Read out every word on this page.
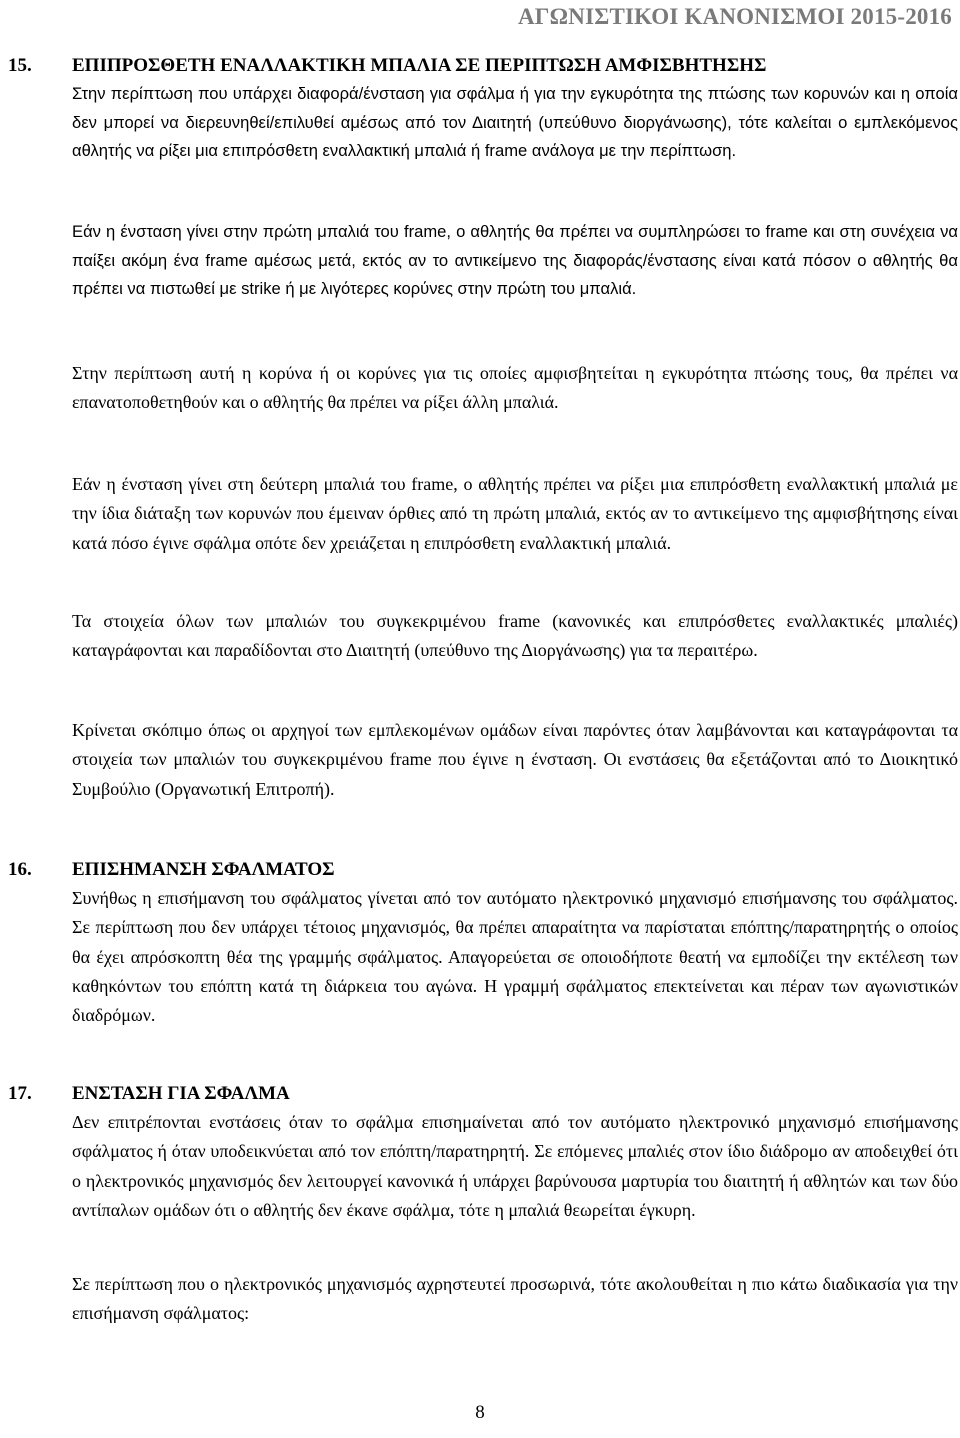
ΑΓΩΝΙΣΤΙΚΟΙ ΚΑΝΟΝΙΣΜΟΙ 2015-2016
15.	ΕΠΙΠΡΟΣΘΕΤΗ ΕΝΑΛΛΑΚΤΙΚΗ ΜΠΑΛΙΑ ΣΕ ΠΕΡΙΠΤΩΣΗ ΑΜΦΙΣΒΗΤΗΣΗΣ

Στην περίπτωση που υπάρχει διαφορά/ένσταση για σφάλμα ή για την εγκυρότητα της πτώσης των κορυνών και η οποία δεν μπορεί να διερευνηθεί/επιλυθεί αμέσως από τον Διαιτητή (υπεύθυνο διοργάνωσης), τότε καλείται ο εμπλεκόμενος αθλητής να ρίξει μια επιπρόσθετη εναλλακτική μπαλιά ή frame ανάλογα με την περίπτωση.

Εάν η ένσταση γίνει στην πρώτη μπαλιά του frame, ο αθλητής θα πρέπει να συμπληρώσει το frame και στη συνέχεια να παίξει ακόμη ένα frame αμέσως μετά, εκτός αν το αντικείμενο της διαφοράς/ένστασης είναι κατά πόσον ο αθλητής θα πρέπει να πιστωθεί με strike ή με λιγότερες κορύνες στην πρώτη του μπαλιά.

Στην περίπτωση αυτή η κορύνα ή οι κορύνες για τις οποίες αμφισβητείται η εγκυρότητα πτώσης τους, θα πρέπει να επανατοποθετηθούν και ο αθλητής θα πρέπει να ρίξει άλλη μπαλιά.

Εάν η ένσταση γίνει στη δεύτερη μπαλιά του frame, ο αθλητής πρέπει να ρίξει μια επιπρόσθετη εναλλακτική μπαλιά με την ίδια διάταξη των κορυνών που έμειναν όρθιες από τη πρώτη μπαλιά, εκτός αν το αντικείμενο της αμφισβήτησης είναι κατά πόσο έγινε σφάλμα οπότε δεν χρειάζεται η επιπρόσθετη εναλλακτική μπαλιά.

Τα στοιχεία όλων των μπαλιών του συγκεκριμένου frame (κανονικές και επιπρόσθετες εναλλακτικές μπαλιές) καταγράφονται και παραδίδονται στο Διαιτητή (υπεύθυνο της Διοργάνωσης) για τα περαιτέρω.

Κρίνεται σκόπιμο όπως οι αρχηγοί των εμπλεκομένων ομάδων είναι παρόντες όταν λαμβάνονται και καταγράφονται τα στοιχεία των μπαλιών του συγκεκριμένου frame που έγινε η ένσταση. Οι ενστάσεις θα εξετάζονται από το Διοικητικό Συμβούλιο (Οργανωτική Επιτροπή).

16.	ΕΠΙΣΗΜΑΝΣΗ ΣΦΑΛΜΑΤΟΣ

Συνήθως η επισήμανση του σφάλματος γίνεται από τον αυτόματο ηλεκτρονικό μηχανισμό επισήμανσης του σφάλματος. Σε περίπτωση που δεν υπάρχει τέτοιος μηχανισμός, θα πρέπει απαραίτητα να παρίσταται επόπτης/παρατηρητής ο οποίος θα έχει απρόσκοπτη θέα της γραμμής σφάλματος. Απαγορεύεται σε οποιοδήποτε θεατή να εμποδίζει την εκτέλεση των καθηκόντων του επόπτη κατά τη διάρκεια του αγώνα. Η γραμμή σφάλματος επεκτείνεται και πέραν των αγωνιστικών διαδρόμων.

17.	ΕΝΣΤΑΣΗ ΓΙΑ ΣΦΑΛΜΑ

Δεν επιτρέπονται ενστάσεις όταν το σφάλμα επισημαίνεται από τον αυτόματο ηλεκτρονικό μηχανισμό επισήμανσης σφάλματος ή όταν υποδεικνύεται από τον επόπτη/παρατηρητή. Σε επόμενες μπαλιές στον ίδιο διάδρομο αν αποδειχθεί ότι ο ηλεκτρονικός μηχανισμός δεν λειτουργεί κανονικά ή υπάρχει βαρύνουσα μαρτυρία του διαιτητή ή αθλητών και των δύο αντίπαλων ομάδων ότι ο αθλητής δεν έκανε σφάλμα, τότε η μπαλιά θεωρείται έγκυρη.

Σε περίπτωση που ο ηλεκτρονικός μηχανισμός αχρηστευτεί προσωρινά, τότε ακολουθείται η πιο κάτω διαδικασία για την επισήμανση σφάλματος:

8
